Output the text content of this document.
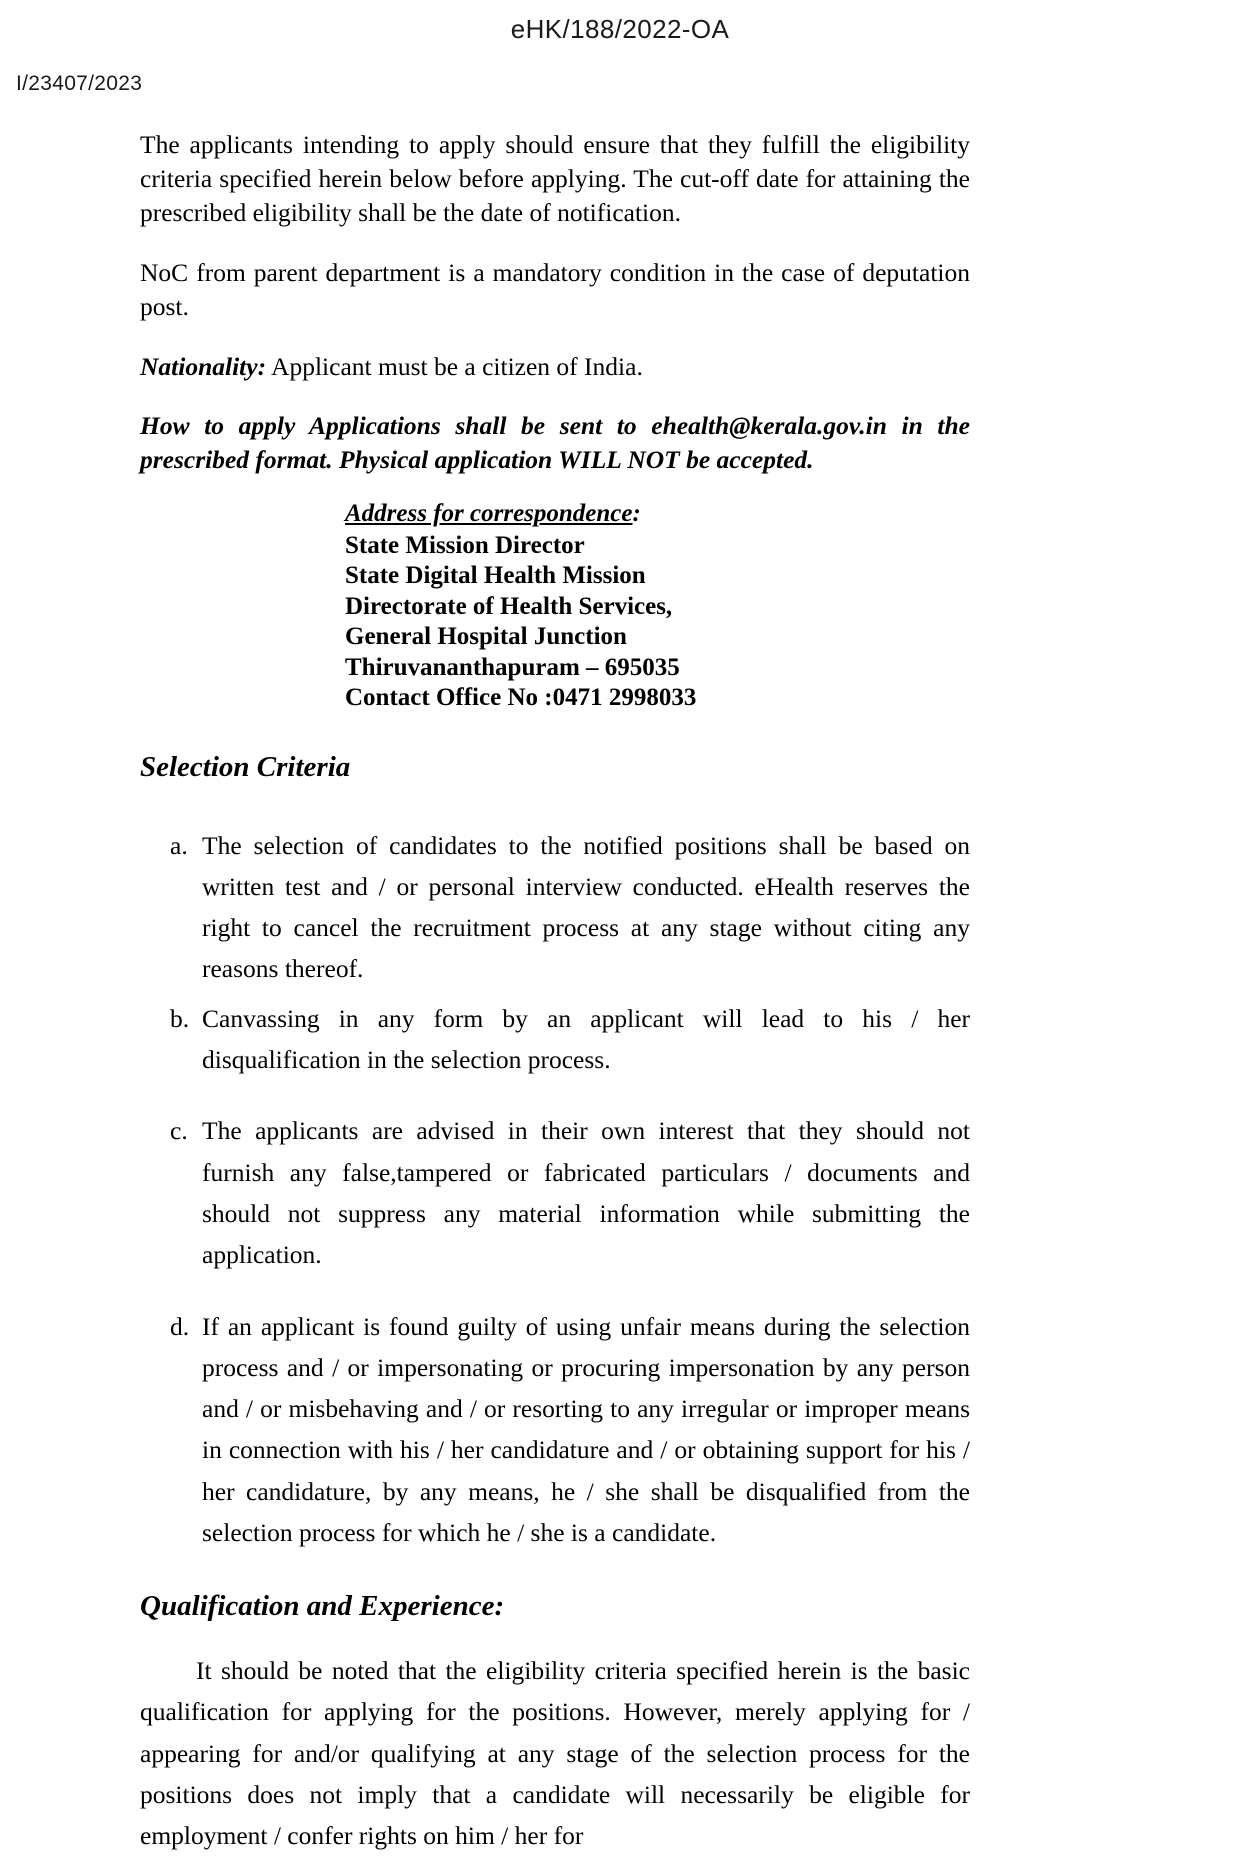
eHK/188/2022-OA
I/23407/2023

The applicants intending to apply should ensure that they fulfill the eligibility criteria specified herein below before applying. The cut-off date for attaining the prescribed eligibility shall be the date of notification.

NoC from parent department is a mandatory condition in the case of deputation post.

Nationality: Applicant must be a citizen of India.

How to apply Applications shall be sent to ehealth@kerala.gov.in in the prescribed format. Physical application WILL NOT be accepted.

Address for correspondence:
State Mission Director
State Digital Health Mission
Directorate of Health Services,
General Hospital Junction
Thiruvananthapuram – 695035
Contact Office No :0471 2998033
Selection Criteria
a. The selection of candidates to the notified positions shall be based on written test and / or personal interview conducted. eHealth reserves the right to cancel the recruitment process at any stage without citing any reasons thereof.
b. Canvassing in any form by an applicant will lead to his / her disqualification in the selection process.
c. The applicants are advised in their own interest that they should not furnish any false,tampered or fabricated particulars / documents and should not suppress any material information while submitting the application.
d. If an applicant is found guilty of using unfair means during the selection process and / or impersonating or procuring impersonation by any person and / or misbehaving and / or resorting to any irregular or improper means in connection with his / her candidature and / or obtaining support for his / her candidature, by any means, he / she shall be disqualified from the selection process for which he / she is a candidate.
Qualification and Experience:

It should be noted that the eligibility criteria specified herein is the basic qualification for applying for the positions. However, merely applying for / appearing for and/or qualifying at any stage of the selection process for the positions does not imply that a candidate will necessarily be eligible for employment / confer rights on him / her for
